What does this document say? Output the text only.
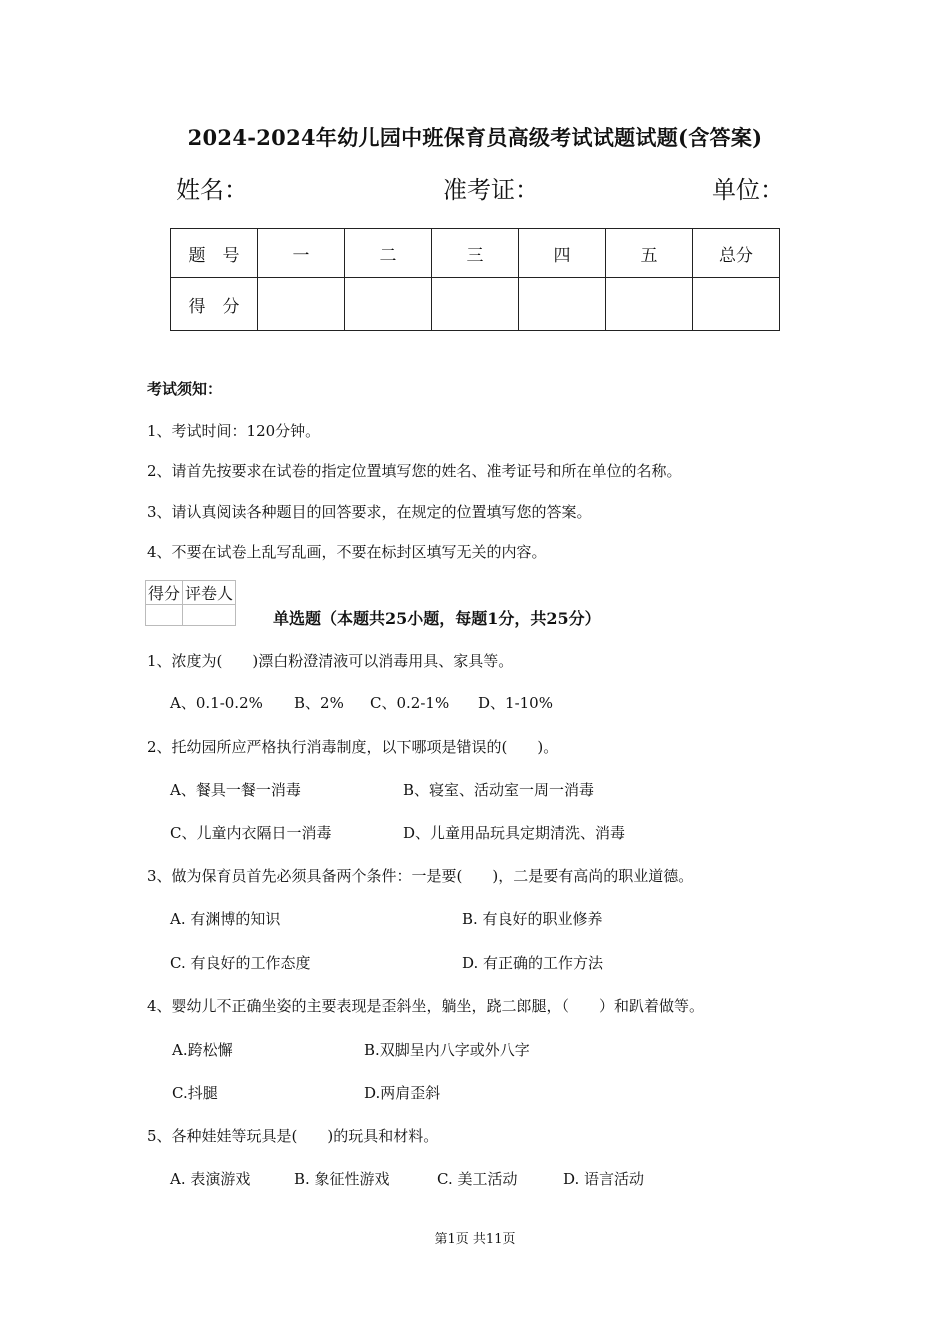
2024-2024年幼儿园中班保育员高级考试试题试题(含答案)
姓名：	准考证：	单位：
题　号	一	二	三	四	五	总分
得　分						
考试须知：
1、考试时间：120分钟。
2、请首先按要求在试卷的指定位置填写您的姓名、准考证号和所在单位的名称。
3、请认真阅读各种题目的回答要求，在规定的位置填写您的答案。
4、不要在试卷上乱写乱画，不要在标封区填写无关的内容。
得分	评卷人

单选题（本题共25小题，每题1分，共25分）
1、浓度为(　　)漂白粉澄清液可以消毒用具、家具等。
A、0.1-0.2% B、2% C、0.2-1% D、1-10%
2、托幼园所应严格执行消毒制度，以下哪项是错误的(　　)。
A、餐具一餐一消毒	B、寝室、活动室一周一消毒
C、儿童内衣隔日一消毒	D、儿童用品玩具定期清洗、消毒
3、做为保育员首先必须具备两个条件：一是要(　　)，二是要有高尚的职业道德。
A. 有渊博的知识	B. 有良好的职业修养
C. 有良好的工作态度	D. 有正确的工作方法
4、婴幼儿不正确坐姿的主要表现是歪斜坐，躺坐，跷二郎腿，（　　）和趴着做等。
A.跨松懈	B.双脚呈内八字或外八字
C.抖腿	D.两肩歪斜
5、各种娃娃等玩具是(　　)的玩具和材料。
A. 表演游戏	B. 象征性游戏	C. 美工活动	D. 语言活动
第1页 共11页
